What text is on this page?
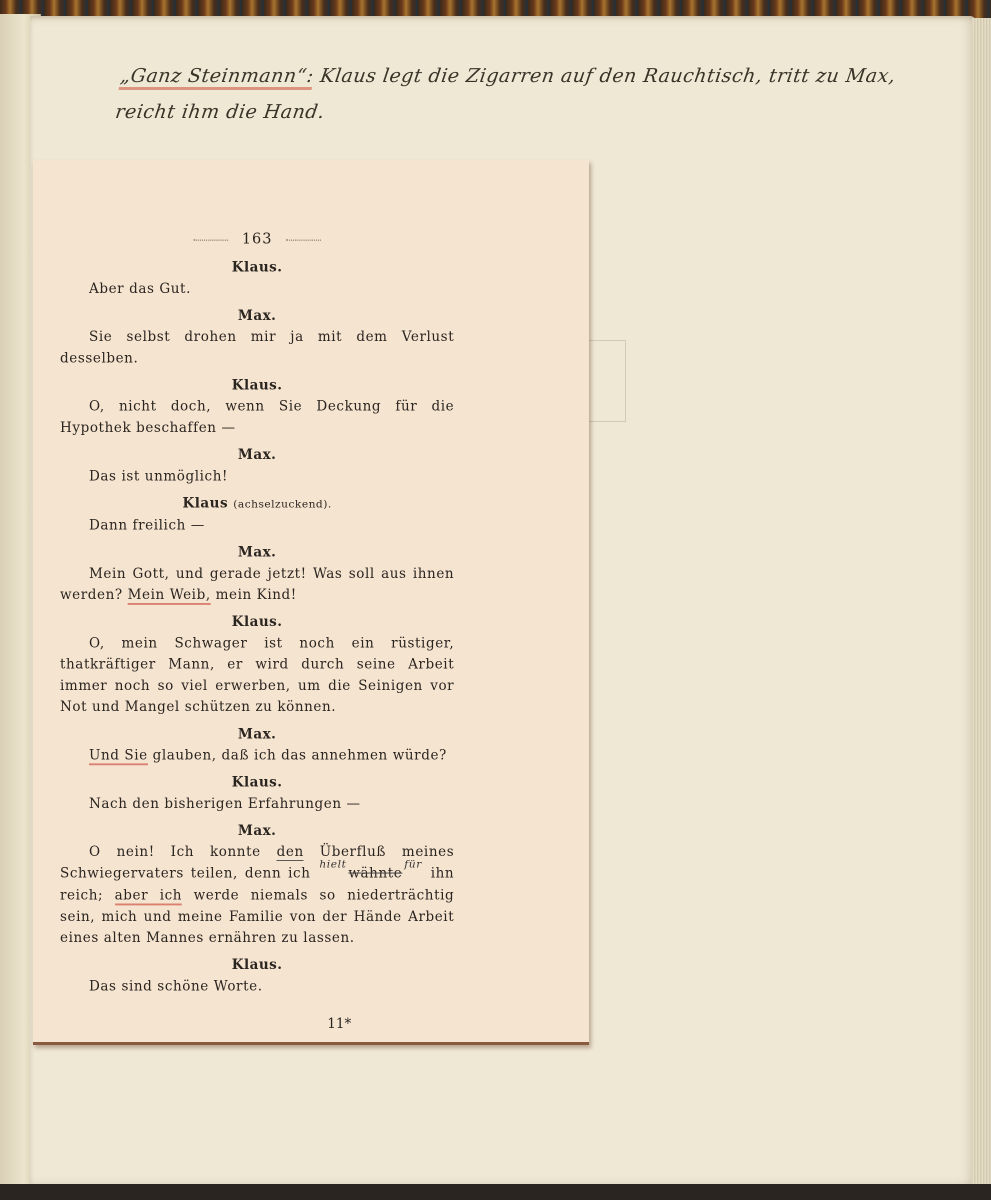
„Ganz Steinmann“: Klaus legt die Zigarren auf den Rauchtisch, tritt zu Max, reicht ihm die Hand.
163
Klaus.
Aber das Gut.
Max.
Sie selbst drohen mir ja mit dem Verlust desselben.
Klaus.
O, nicht doch, wenn Sie Deckung für die Hypothek beschaffen —
Max.
Das ist unmöglich!
Klaus (achselzuckend).
Dann freilich —
Max.
Mein Gott, und gerade jetzt! Was soll aus ihnen werden? Mein Weib, mein Kind!
Klaus.
O, mein Schwager ist noch ein rüstiger, thatkräftiger Mann, er wird durch seine Arbeit immer noch so viel erwerben, um die Seinigen vor Not und Mangel schützen zu können.
Max.
Und Sie glauben, daß ich das annehmen würde?
Klaus.
Nach den bisherigen Erfahrungen —
Max.
O nein! Ich konnte den Überfluß meines Schwiegervaters teilen, denn ich $^{hielt}$wähnte$^{für}$ ihn reich; aber ich werde niemals so niederträchtig sein, mich und meine Familie von der Hände Arbeit eines alten Mannes ernähren zu lassen.
Klaus.
Das sind schöne Worte.
11*
